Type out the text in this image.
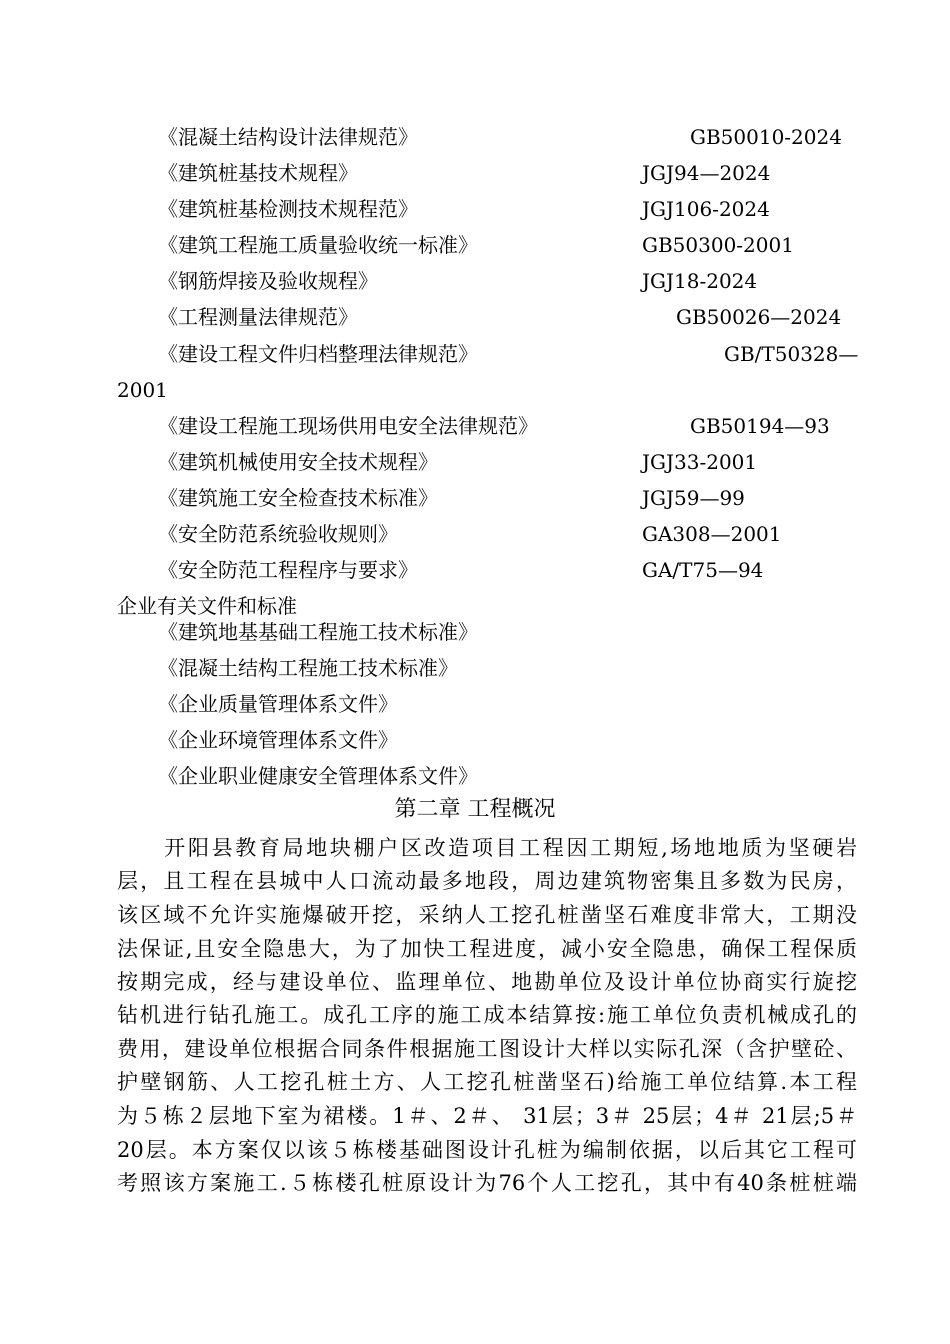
《混凝土结构设计法律规范》	GB50010-2024
《建筑桩基技术规程》	JGJ94—2024
《建筑桩基检测技术规程范》	JGJ106-2024
《建筑工程施工质量验收统一标准》	GB50300-2001
《钢筋焊接及验收规程》	JGJ18-2024
《工程测量法律规范》	GB50026—2024
《建设工程文件归档整理法律规范》	GB/T50328—
2001
《建设工程施工现场供用电安全法律规范》	GB50194—93
《建筑机械使用安全技术规程》	JGJ33-2001
《建筑施工安全检查技术标准》	JGJ59—99
《安全防范系统验收规则》	GA308—2001
《安全防范工程程序与要求》	GA/T75—94
企业有关文件和标准
《建筑地基基础工程施工技术标准》
《混凝土结构工程施工技术标准》
《企业质量管理体系文件》
《企业环境管理体系文件》
《企业职业健康安全管理体系文件》
第二章 工程概况
　　开阳县教育局地块棚户区改造项目工程因工期短,场地地质为坚硬岩
层，且工程在县城中人口流动最多地段，周边建筑物密集且多数为民房，
该区域不允许实施爆破开挖，采纳人工挖孔桩凿坚石难度非常大，工期没
法保证,且安全隐患大，为了加快工程进度，减小安全隐患，确保工程保质
按期完成，经与建设单位、监理单位、地勘单位及设计单位协商实行旋挖
钻机进行钻孔施工。成孔工序的施工成本结算按:施工单位负责机械成孔的
费用，建设单位根据合同条件根据施工图设计大样以实际孔深（含护壁砼、
护壁钢筋、人工挖孔桩土方、人工挖孔桩凿坚石)给施工单位结算.本工程
为５栋２层地下室为裙楼。1＃、2＃、 31层；3＃ 25层；4＃ 21层;5＃
20层。本方案仅以该５栋楼基础图设计孔桩为编制依据，以后其它工程可
考照该方案施工.５栋楼孔桩原设计为76个人工挖孔，其中有40条桩桩端
